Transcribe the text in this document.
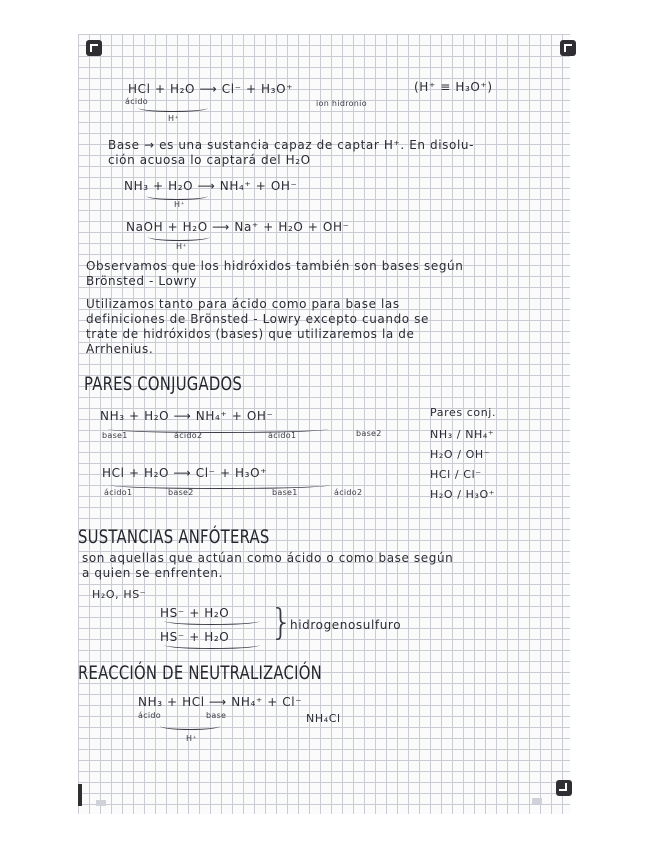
HCl + H₂O ⟶ Cl⁻ + H₃O⁺	(H⁺ ≡ H₃O⁺)
ácido	ion hidronio
H⁺
Base → es una sustancia capaz de captar H⁺. En disolu-
ción acuosa lo captará del H₂O
NH₃ + H₂O ⟶ NH₄⁺ + OH⁻
H⁺
NaOH + H₂O ⟶ Na⁺ + H₂O + OH⁻
H⁺
Observamos que los hidróxidos también son bases según
Brönsted - Lowry
Utilizamos tanto para ácido como para base las
definiciones de Brönsted - Lowry excepto cuando se
trate de hidróxidos (bases) que utilizaremos la de
Arrhenius.
PARES CONJUGADOS
NH₃ + H₂O ⟶ NH₄⁺ + OH⁻
base1	ácido2	ácido1	base2
HCl + H₂O ⟶ Cl⁻ + H₃O⁺
ácido1	base2	base1	ácido2
Pares conj.
NH₃ / NH₄⁺
H₂O / OH⁻
HCl / Cl⁻
H₂O / H₃O⁺
SUSTANCIAS ANFÓTERAS
son aquellas que actúan como ácido o como base según
a quien se enfrenten.
H₂O, HS⁻
HS⁻ + H₂O
HS⁻ + H₂O }
hidrogenosulfuro
REACCIÓN DE NEUTRALIZACIÓN
NH₃ + HCl ⟶ NH₄⁺ + Cl⁻
ácido	base	NH₄Cl
H⁺
